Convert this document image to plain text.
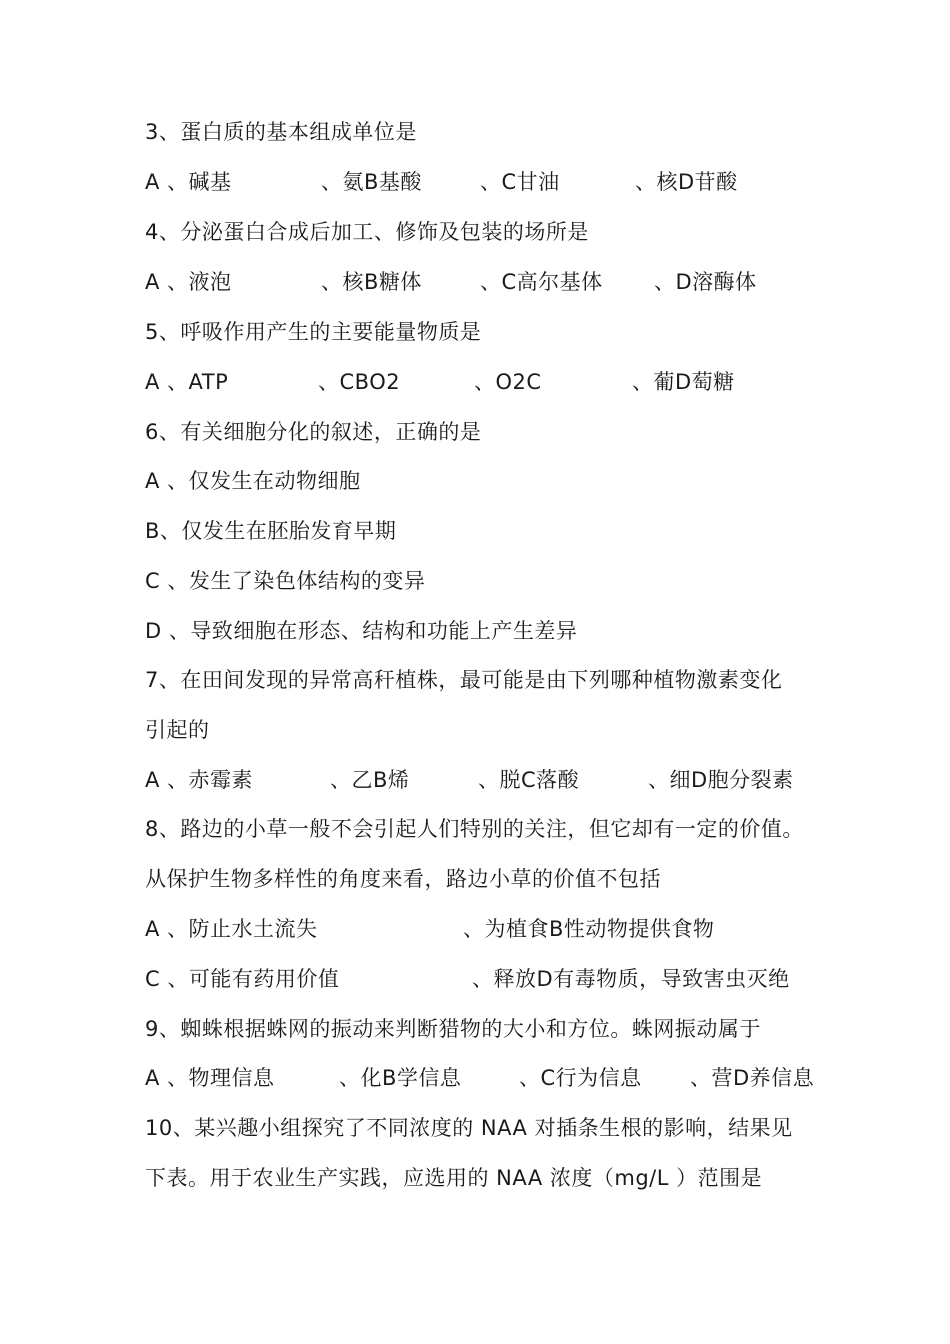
3、蛋白质的基本组成单位是
A 、碱基	、氨B基酸	、C甘油	、核D苷酸
4、分泌蛋白合成后加工、修饰及包装的场所是
A 、液泡	、核B糖体	、C高尔基体 、D溶酶体
5、呼吸作用产生的主要能量物质是
A 、ATP	、CBO2	、O2C	、葡D萄糖
6、有关细胞分化的叙述，正确的是
A 、仅发生在动物细胞
B、仅发生在胚胎发育早期
C 、发生了染色体结构的变异
D 、导致细胞在形态、结构和功能上产生差异
7、在田间发现的异常高秆植株，最可能是由下列哪种植物激素变化
引起的
A 、赤霉素	、乙B烯	、脱C落酸	、细D胞分裂素
8、路边的小草一般不会引起人们特别的关注，但它却有一定的价值。
从保护生物多样性的角度来看，路边小草的价值不包括
A 、防止水土流失	、为植食B性动物提供食物
C 、可能有药用价值	、释放D有毒物质，导致害虫灭绝
9、蜘蛛根据蛛网的振动来判断猎物的大小和方位。蛛网振动属于
A 、物理信息	、化B学信息	、C行为信息 、营D养信息
10、某兴趣小组探究了不同浓度的 NAA 对插条生根的影响，结果见
下表。用于农业生产实践，应选用的 NAA 浓度（mg/L ）范围是
